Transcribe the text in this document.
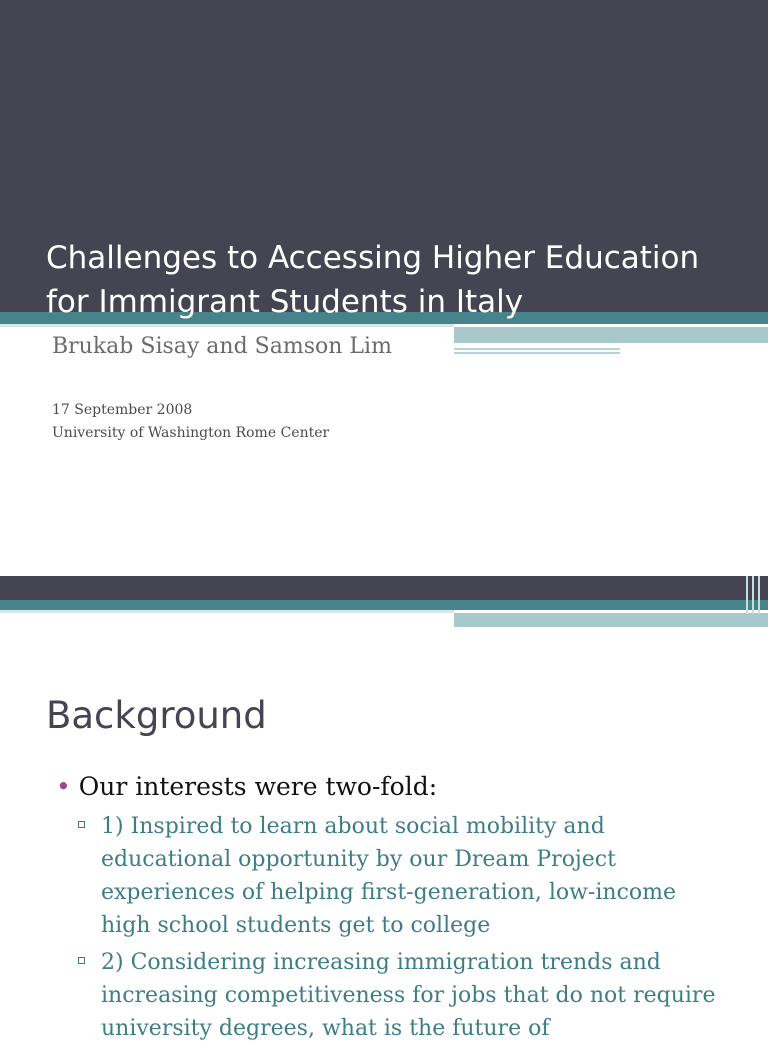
Challenges to Accessing Higher Education
for Immigrant Students in Italy
Brukab Sisay and Samson Lim
17 September 2008
University of Washington Rome Center
Background
• Our interests were two-fold:
1) Inspired to learn about social mobility and educational opportunity by our Dream Project experiences of helping first-generation, low-income high school students get to college
2) Considering increasing immigration trends and increasing competitiveness for jobs that do not require university degrees, what is the future of
